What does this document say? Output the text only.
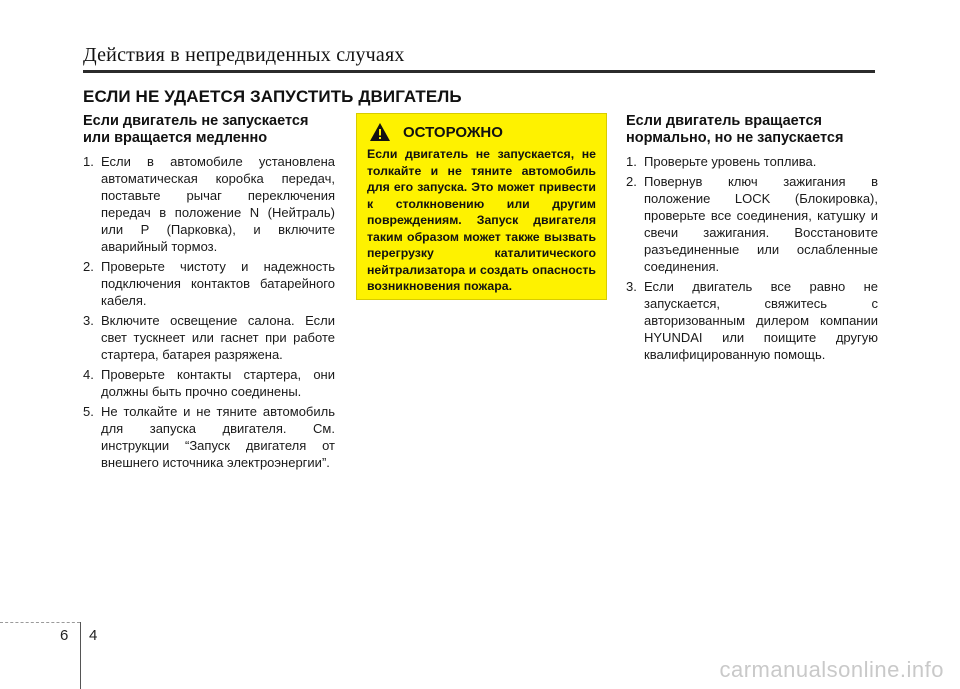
Действия в непредвиденных случаях
ЕСЛИ НЕ УДАЕТСЯ ЗАПУСТИТЬ ДВИГАТЕЛЬ
Если двигатель не запускается или вращается медленно
1. Если в автомобиле установлена автоматическая коробка передач, поставьте рычаг переключения передач в положение N (Нейтраль) или P (Парковка), и включите аварийный тормоз.
2. Проверьте чистоту и надежность подключения контактов батарейного кабеля.
3. Включите освещение салона. Если свет тускнеет или гаснет при работе стартера, батарея разряжена.
4. Проверьте контакты стартера, они должны быть прочно соединены.
5. Не толкайте и не тяните автомобиль для запуска двигателя. См. инструкции “Запуск двигателя от внешнего источника электроэнергии”.
ОСТОРОЖНО

Если двигатель не запускается, не толкайте и не тяните автомобиль для его запуска. Это может привести к столкновению или другим повреждениям. Запуск двигателя таким образом может также вызвать перегрузку каталитического нейтрализатора и создать опасность возникновения пожара.

Если двигатель вращается нормально, но не запускается
1. Проверьте уровень топлива.
2. Повернув ключ зажигания в положение LOCK (Блокировка), проверьте все соединения, катушку и свечи зажигания. Восстановите разъединенные или ослабленные соединения.
3. Если двигатель все равно не запускается, свяжитесь с авторизованным дилером компании HYUNDAI или поищите другую квалифицированную помощь.
6 4
carmanualsonline.info
